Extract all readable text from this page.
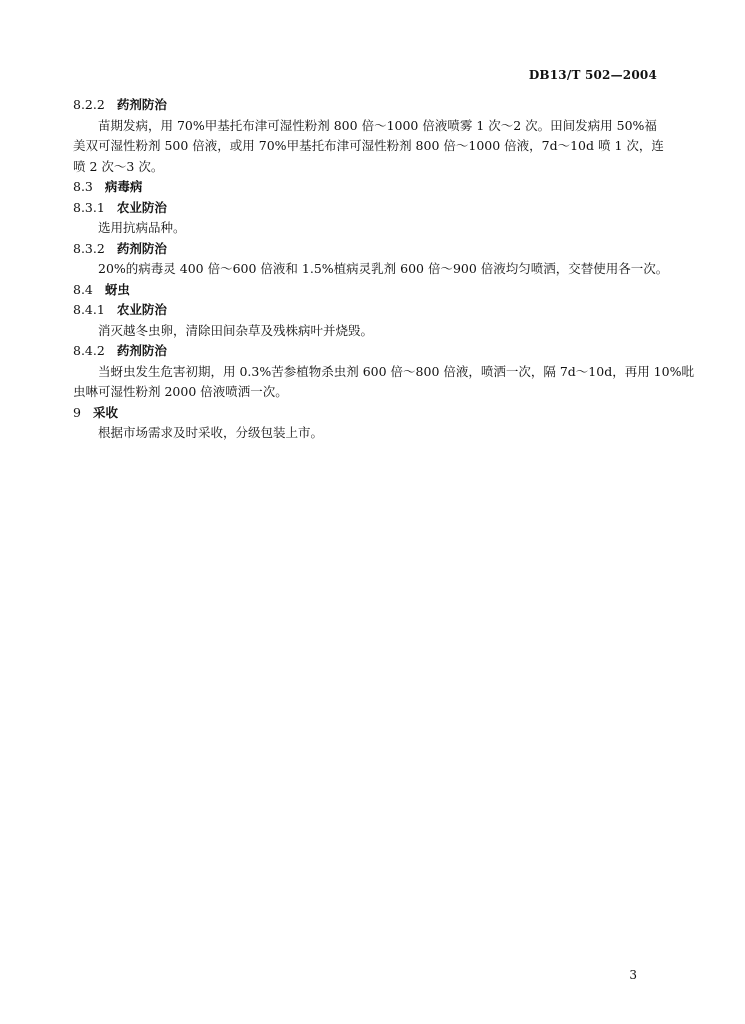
DB13/T 502—2004
8.2.2 药剂防治
苗期发病，用 70%甲基托布津可湿性粉剂 800 倍～1000 倍液喷雾 1 次～2 次。田间发病用 50%福
美双可湿性粉剂 500 倍液，或用 70%甲基托布津可湿性粉剂 800 倍～1000 倍液，7d～10d 喷 1 次，连
喷 2 次～3 次。
8.3 病毒病
8.3.1 农业防治
选用抗病品种。
8.3.2 药剂防治
20%的病毒灵 400 倍～600 倍液和 1.5%植病灵乳剂 600 倍～900 倍液均匀喷洒，交替使用各一次。
8.4 蚜虫
8.4.1 农业防治
消灭越冬虫卵，清除田间杂草及残株病叶并烧毁。
8.4.2 药剂防治
当蚜虫发生危害初期，用 0.3%苦参植物杀虫剂 600 倍～800 倍液，喷洒一次，隔 7d～10d，再用 10%吡
虫啉可湿性粉剂 2000 倍液喷洒一次。
9 采收
根据市场需求及时采收，分级包装上市。
3
